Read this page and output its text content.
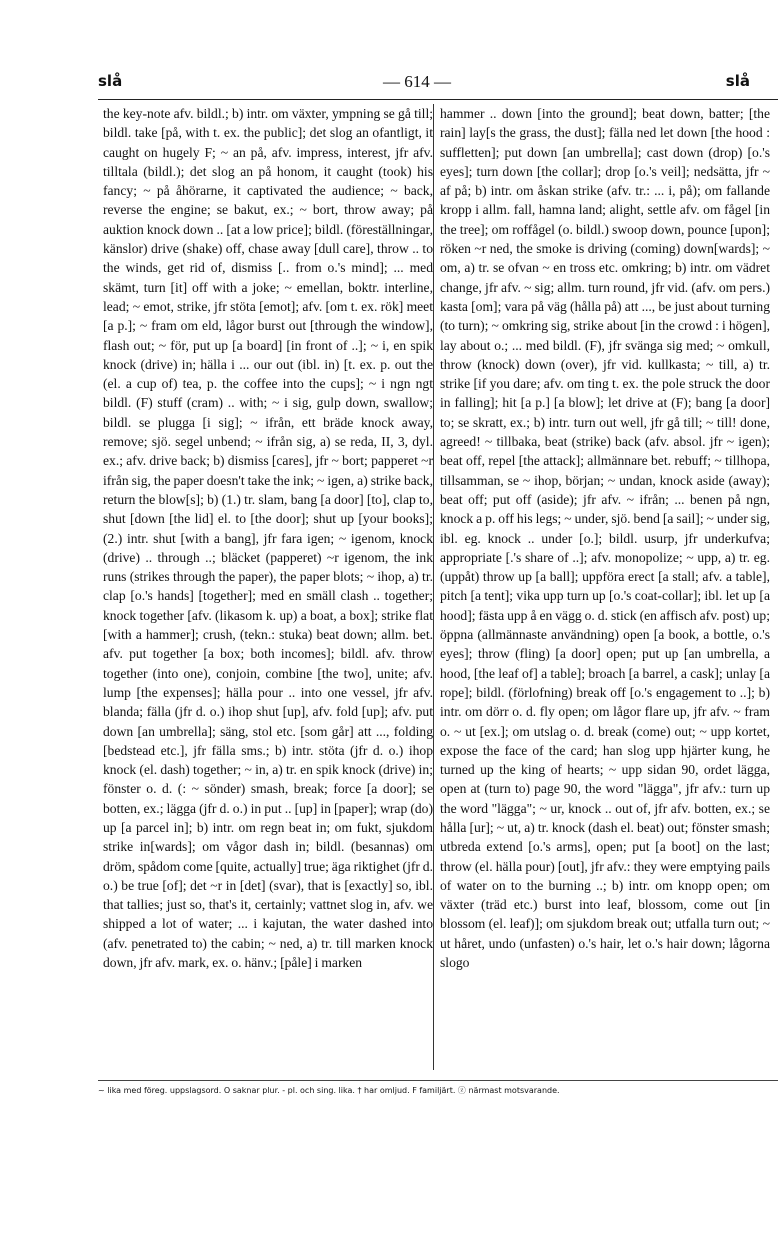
slå	— 614 —	slå

the key-note afv. bildl.; b) intr. om växter, ympning se gå till; bildl. take [på, with t. ex. the public]; det slog an ofantligt, it caught on hugely F; ~ an på, afv. impress, interest, jfr afv. tilltala (bildl.); det slog an på honom, it caught (took) his fancy; ~ på åhörarne, it captivated the audience; ~ back, reverse the engine; se bakut, ex.; ~ bort, throw away; på auktion knock down .. [at a low price]; bildl. (föreställningar, känslor) drive (shake) off, chase away [dull care], throw .. to the winds, get rid of, dismiss [.. from o.'s mind]; ... med skämt, turn [it] off with a joke; ~ emellan, boktr. interline, lead; ~ emot, strike, jfr stöta [emot]; afv. [om t. ex. rök] meet [a p.]; ~ fram om eld, lågor burst out [through the window], flash out; ~ för, put up [a board] [in front of ..]; ~ i, en spik knock (drive) in; hälla i ... our out (ibl. in) [t. ex. p. out the (el. a cup of) tea, p. the coffee into the cups]; ~ i ngn ngt bildl. (F) stuff (cram) .. with; ~ i sig, gulp down, swallow; bildl. se plugga [i sig]; ~ ifrån, ett bräde knock away, remove; sjö. segel unbend; ~ ifrån sig, a) se reda, II, 3, dyl. ex.; afv. drive back; b) dismiss [cares], jfr ~ bort; papperet ~r ifrån sig, the paper doesn't take the ink; ~ igen, a) strike back, return the blow[s]; b) (1.) tr. slam, bang [a door] [to], clap to, shut [down [the lid] el. to [the door]; shut up [your books]; (2.) intr. shut [with a bang], jfr fara igen; ~ igenom, knock (drive) .. through ..; bläcket (papperet) ~r igenom, the ink runs (strikes through the paper), the paper blots; ~ ihop, a) tr. clap [o.'s hands] [together]; med en smäll clash .. together; knock together [afv. (likasom k. up) a boat, a box]; strike flat [with a hammer]; crush, (tekn.: stuka) beat down; allm. bet. afv. put together [a box; both incomes]; bildl. afv. throw together (into one), conjoin, combine [the two], unite; afv. lump [the expenses]; hälla pour .. into one vessel, jfr afv. blanda; fälla (jfr d. o.) ihop shut [up], afv. fold [up]; afv. put down [an umbrella]; säng, stol etc. [som går] att ..., folding [bedstead etc.], jfr fälla sms.; b) intr. stöta (jfr d. o.) ihop knock (el. dash) together; ~ in, a) tr. en spik knock (drive) in; fönster o. d. (: ~ sönder) smash, break; force [a door]; se botten, ex.; lägga (jfr d. o.) in put .. [up] in [paper]; wrap (do) up [a parcel in]; b) intr. om regn beat in; om fukt, sjukdom strike in[wards]; om vågor dash in; bildl. (besannas) om dröm, spådom come [quite, actually] true; äga riktighet (jfr d. o.) be true [of]; det ~r in [det] (svar), that is [exactly] so, ibl. that tallies; just so, that's it, certainly; vattnet slog in, afv. we shipped a lot of water; ... i kajutan, the water dashed into (afv. penetrated to) the cabin; ~ ned, a) tr. till marken knock down, jfr afv. mark, ex. o. hänv.; [påle] i marken

hammer .. down [into the ground]; beat down, batter; [the rain] lay[s the grass, the dust]; fälla ned let down [the hood : suffletten]; put down [an umbrella]; cast down (drop) [o.'s eyes]; turn down [the collar]; drop [o.'s veil]; nedsätta, jfr ~ af på; b) intr. om åskan strike (afv. tr.: ... i, på); om fallande kropp i allm. fall, hamna land; alight, settle afv. om fågel [in the tree]; om roffågel (o. bildl.) swoop down, pounce [upon]; röken ~r ned, the smoke is driving (coming) down[wards]; ~ om, a) tr. se ofvan ~ en tross etc. omkring; b) intr. om vädret change, jfr afv. ~ sig; allm. turn round, jfr vid. (afv. om pers.) kasta [om]; vara på väg (hålla på) att ..., be just about turning (to turn); ~ omkring sig, strike about [in the crowd : i högen], lay about o.; ... med bildl. (F), jfr svänga sig med; ~ omkull, throw (knock) down (over), jfr vid. kullkasta; ~ till, a) tr. strike [if you dare; afv. om ting t. ex. the pole struck the door in falling]; hit [a p.] [a blow]; let drive at (F); bang [a door] to; se skratt, ex.; b) intr. turn out well, jfr gå till; ~ till! done, agreed! ~ tillbaka, beat (strike) back (afv. absol. jfr ~ igen); beat off, repel [the attack]; allmännare bet. rebuff; ~ tillhopa, tillsamman, se ~ ihop, början; ~ undan, knock aside (away); beat off; put off (aside); jfr afv. ~ ifrån; ... benen på ngn, knock a p. off his legs; ~ under, sjö. bend [a sail]; ~ under sig, ibl. eg. knock .. under [o.]; bildl. usurp, jfr underkufva; appropriate [.'s share of ..]; afv. monopolize; ~ upp, a) tr. eg. (uppåt) throw up [a ball]; uppföra erect [a stall; afv. a table], pitch [a tent]; vika upp turn up [o.'s coat-collar]; ibl. let up [a hood]; fästa upp å en vägg o. d. stick (en affisch afv. post) up; öppna (allmännaste användning) open [a book, a bottle, o.'s eyes]; throw (fling) [a door] open; put up [an umbrella, a hood, [the leaf of] a table]; broach [a barrel, a cask]; unlay [a rope]; bildl. (förlofning) break off [o.'s engagement to ..]; b) intr. om dörr o. d. fly open; om lågor flare up, jfr afv. ~ fram o. ~ ut [ex.]; om utslag o. d. break (come) out; ~ upp kortet, expose the face of the card; han slog upp hjärter kung, he turned up the king of hearts; ~ upp sidan 90, ordet lägga, open at (turn to) page 90, the word "lägga", jfr afv.: turn up the word "lägga"; ~ ur, knock .. out of, jfr afv. botten, ex.; se hålla [ur]; ~ ut, a) tr. knock (dash el. beat) out; fönster smash; utbreda extend [o.'s arms], open; put [a boot] on the last; throw (el. hälla pour) [out], jfr afv.: they were emptying pails of water on to the burning ..; b) intr. om knopp open; om växter (träd etc.) burst into leaf, blossom, come out [in blossom (el. leaf)]; om sjukdom break out; utfalla turn out; ~ ut håret, undo (unfasten) o.'s hair, let o.'s hair down; lågorna slogo

~ lika med föreg. uppslagsord. O saknar plur. - pl. och sing. lika. † har omljud. F familjärt. ⓩ närmast motsvarande.
